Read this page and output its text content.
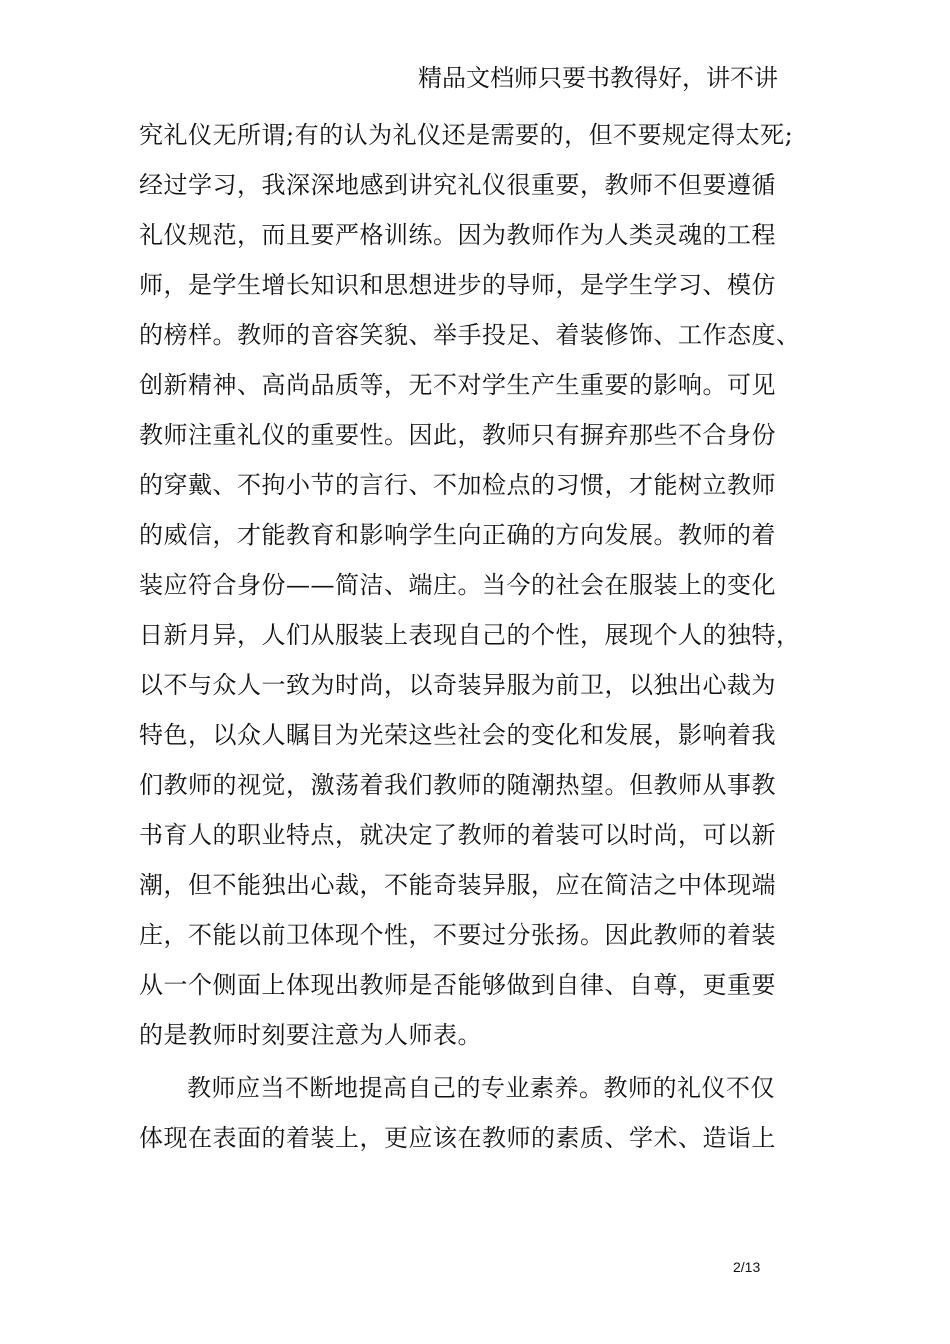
精品文档师只要书教得好，讲不讲
究礼仪无所谓;有的认为礼仪还是需要的，但不要规定得太死;
经过学习，我深深地感到讲究礼仪很重要，教师不但要遵循
礼仪规范，而且要严格训练。因为教师作为人类灵魂的工程
师，是学生增长知识和思想进步的导师，是学生学习、模仿
的榜样。教师的音容笑貌、举手投足、着装修饰、工作态度、
创新精神、高尚品质等，无不对学生产生重要的影响。可见
教师注重礼仪的重要性。因此，教师只有摒弃那些不合身份
的穿戴、不拘小节的言行、不加检点的习惯，才能树立教师
的威信，才能教育和影响学生向正确的方向发展。教师的着
装应符合身份——简洁、端庄。当今的社会在服装上的变化
日新月异，人们从服装上表现自己的个性，展现个人的独特，
以不与众人一致为时尚，以奇装异服为前卫，以独出心裁为
特色，以众人瞩目为光荣这些社会的变化和发展，影响着我
们教师的视觉，激荡着我们教师的随潮热望。但教师从事教
书育人的职业特点，就决定了教师的着装可以时尚，可以新
潮，但不能独出心裁，不能奇装异服，应在简洁之中体现端
庄，不能以前卫体现个性，不要过分张扬。因此教师的着装
从一个侧面上体现出教师是否能够做到自律、自尊，更重要
的是教师时刻要注意为人师表。
教师应当不断地提高自己的专业素养。教师的礼仪不仅
体现在表面的着装上，更应该在教师的素质、学术、造诣上
2/13
